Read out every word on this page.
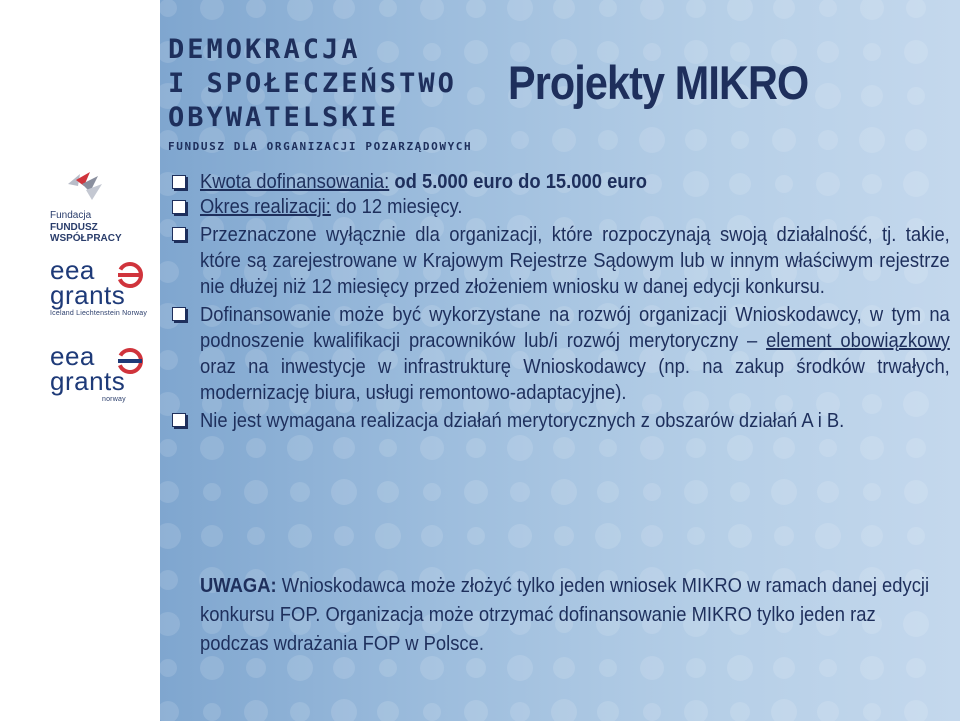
DEMOKRACJA
I SPOŁECZEŃSTWO
OBYWATELSKIE
FUNDUSZ DLA ORGANIZACJI POZARZĄDOWYCH
Projekty MIKRO
Fundacja
FUNDUSZ WSPÓŁPRACY
eea
grants
Iceland Liechtenstein Norway
eea
grants
norway
Kwota dofinansowania: od 5.000 euro do 15.000 euro
Okres realizacji: do 12 miesięcy.
Przeznaczone wyłącznie dla organizacji, które rozpoczynają swoją działalność, tj. takie, które są zarejestrowane w Krajowym Rejestrze Sądowym lub w innym właściwym rejestrze nie dłużej niż 12 miesięcy przed złożeniem wniosku w danej edycji konkursu.
Dofinansowanie może być wykorzystane na rozwój organizacji Wnioskodawcy, w tym na podnoszenie kwalifikacji pracowników lub/i rozwój merytoryczny – element obowiązkowy oraz na inwestycje w infrastrukturę Wnioskodawcy (np. na zakup środków trwałych, modernizację biura, usługi remontowo-adaptacyjne).
Nie jest wymagana realizacja działań merytorycznych z obszarów działań A i B.
UWAGA: Wnioskodawca może złożyć tylko jeden wniosek MIKRO w ramach danej edycji konkursu FOP. Organizacja może otrzymać dofinansowanie MIKRO tylko jeden raz podczas wdrażania FOP w Polsce.
